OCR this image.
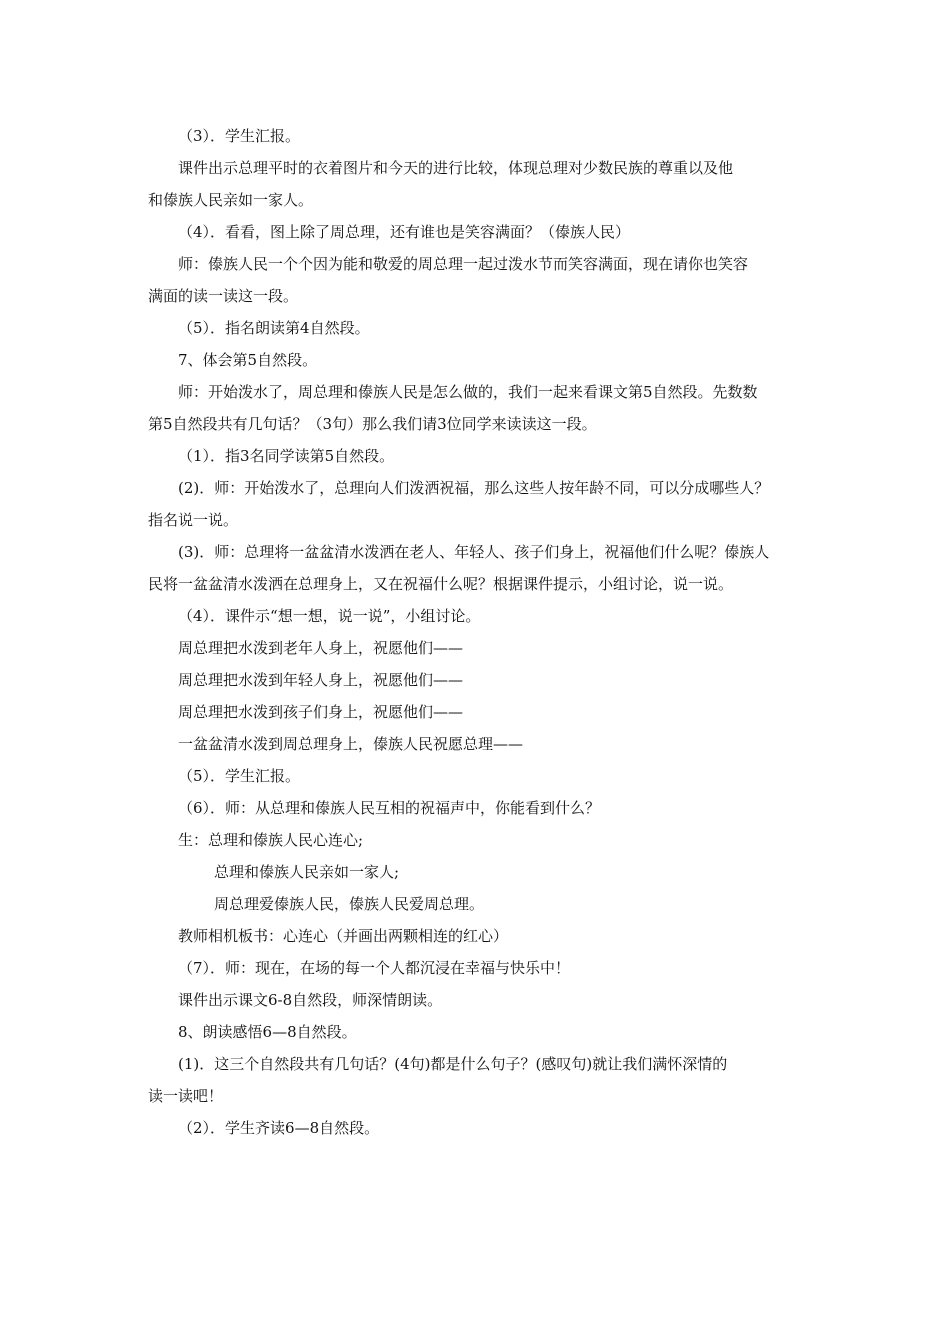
（3）．学生汇报。
课件出示总理平时的衣着图片和今天的进行比较，体现总理对少数民族的尊重以及他
和傣族人民亲如一家人。
（4）．看看，图上除了周总理，还有谁也是笑容满面？（傣族人民）
师：傣族人民一个个因为能和敬爱的周总理一起过泼水节而笑容满面，现在请你也笑容
满面的读一读这一段。
（5）．指名朗读第4自然段。
7、体会第5自然段。
师：开始泼水了，周总理和傣族人民是怎么做的，我们一起来看课文第5自然段。先数数
第5自然段共有几句话？（3句）那么我们请3位同学来读读这一段。
（1）．指3名同学读第5自然段。
(2)．师：开始泼水了，总理向人们泼洒祝福，那么这些人按年龄不同，可以分成哪些人？
指名说一说。
(3)．师：总理将一盆盆清水泼洒在老人、年轻人、孩子们身上，祝福他们什么呢？傣族人
民将一盆盆清水泼洒在总理身上，又在祝福什么呢？根据课件提示，小组讨论，说一说。
（4）．课件示“想一想，说一说”，小组讨论。
周总理把水泼到老年人身上，祝愿他们——
周总理把水泼到年轻人身上，祝愿他们——
周总理把水泼到孩子们身上，祝愿他们——
一盆盆清水泼到周总理身上，傣族人民祝愿总理——
（5）．学生汇报。
（6）．师：从总理和傣族人民互相的祝福声中，你能看到什么？
生：总理和傣族人民心连心;
总理和傣族人民亲如一家人;
周总理爱傣族人民，傣族人民爱周总理。
教师相机板书：心连心（并画出两颗相连的红心）
（7）．师：现在，在场的每一个人都沉浸在幸福与快乐中！
课件出示课文6-8自然段，师深情朗读。
8、朗读感悟6—8自然段。
(1)．这三个自然段共有几句话？(4句)都是什么句子？(感叹句)就让我们满怀深情的
读一读吧！
（2）．学生齐读6—8自然段。
